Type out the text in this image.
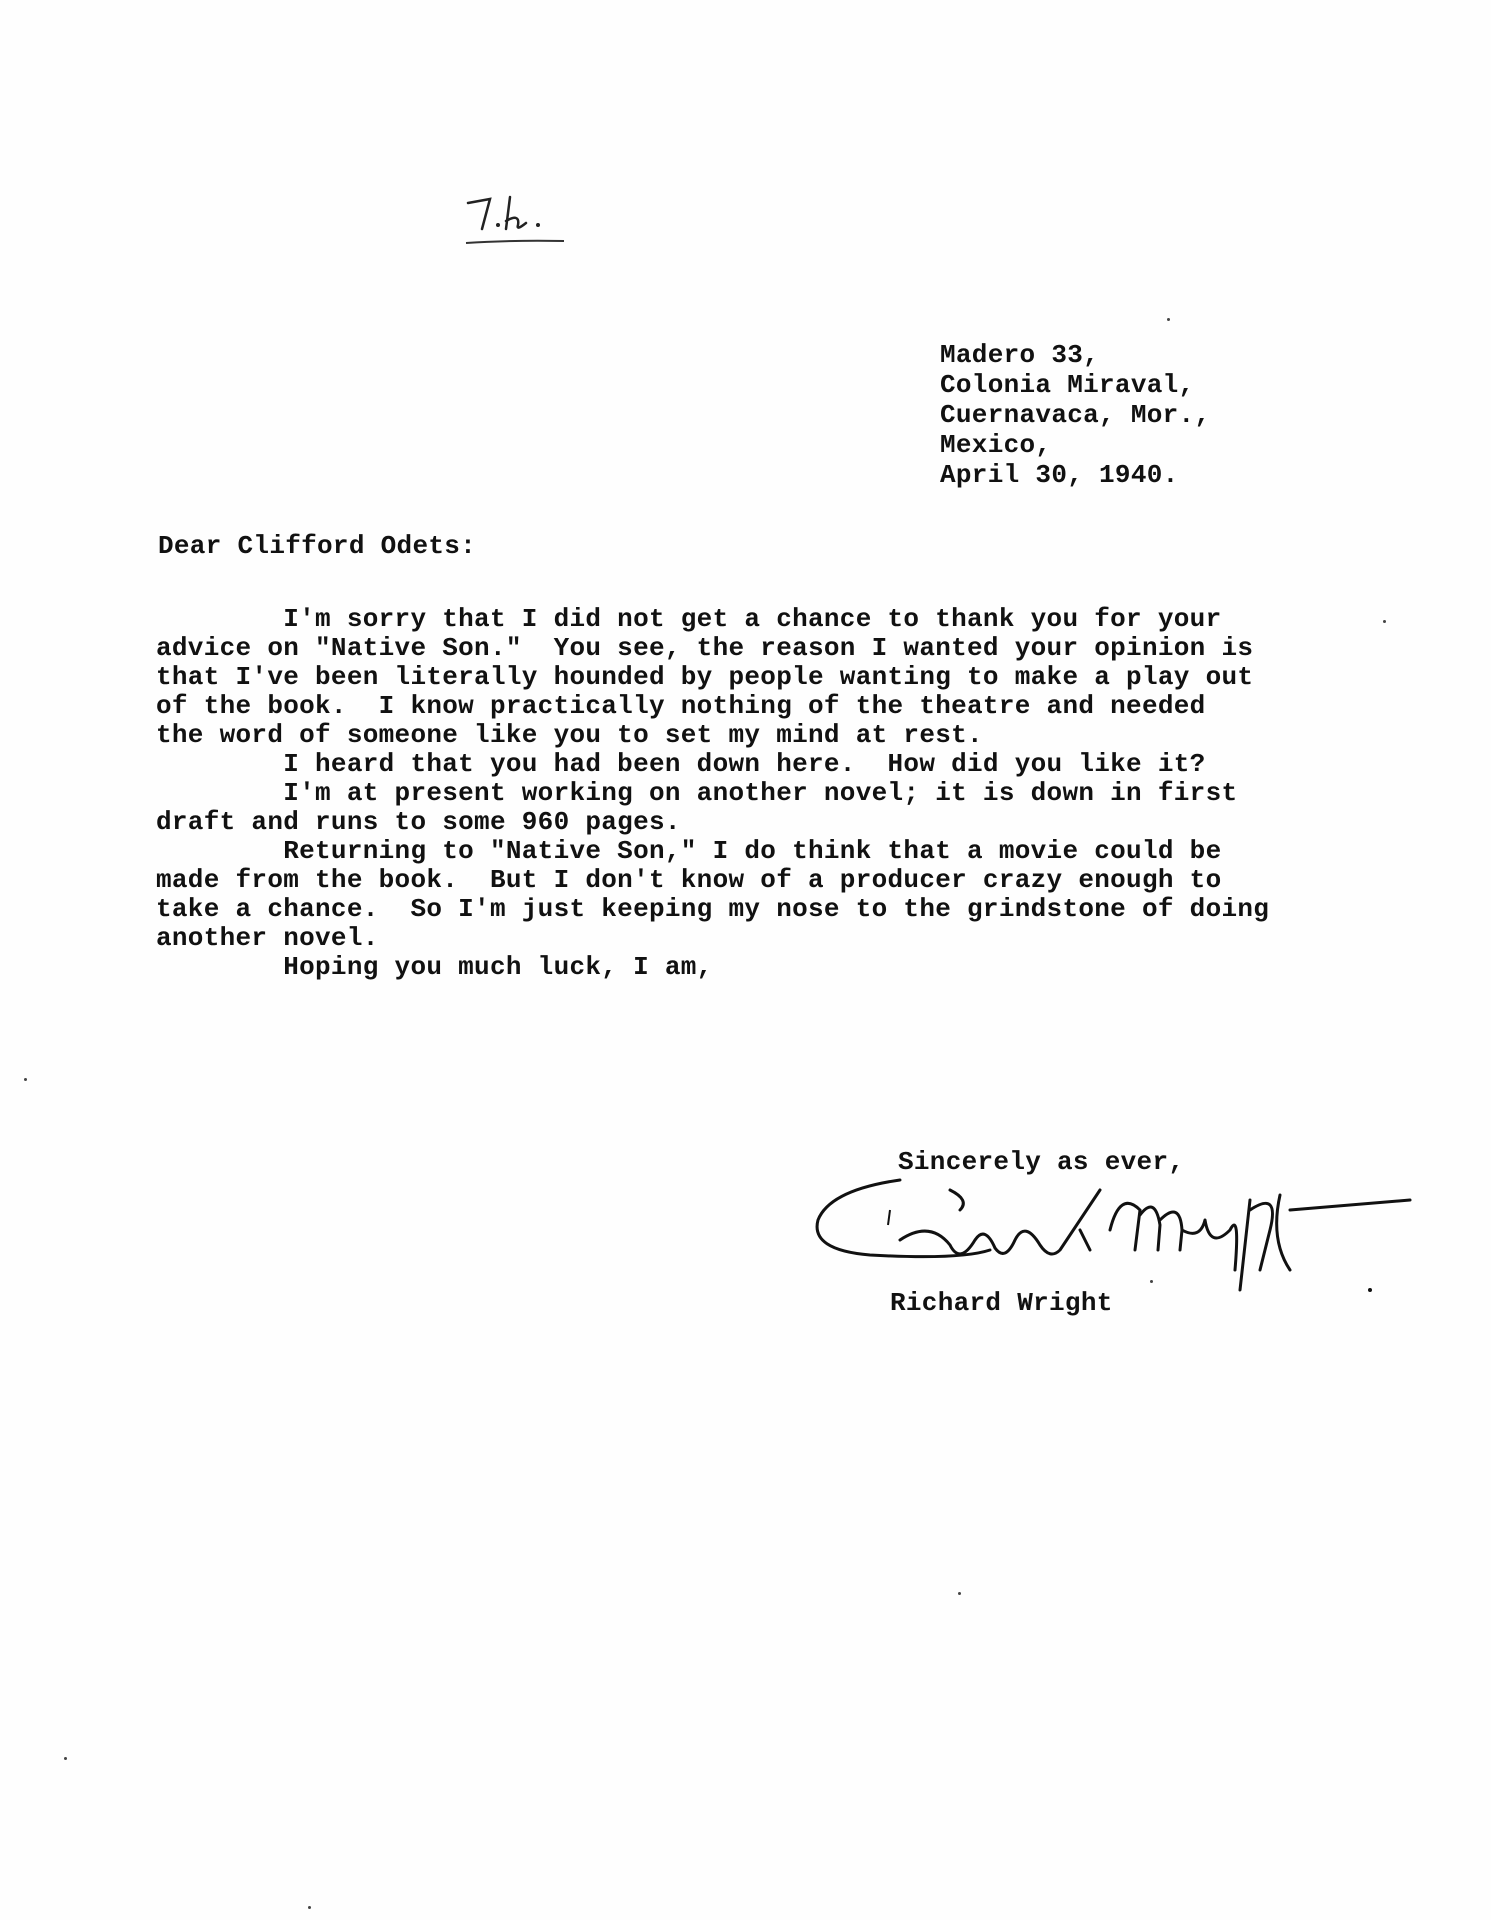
Madero 33,
Colonia Miraval,
Cuernavaca, Mor.,
Mexico,
April 30, 1940.
Dear Clifford Odets:
I'm sorry that I did not get a chance to thank you for your
advice on "Native Son."  You see, the reason I wanted your opinion is
that I've been literally hounded by people wanting to make a play out
of the book.  I know practically nothing of the theatre and needed
the word of someone like you to set my mind at rest.
I heard that you had been down here.  How did you like it?
I'm at present working on another novel; it is down in first
draft and runs to some 960 pages.
Returning to "Native Son," I do think that a movie could be
made from the book.  But I don't know of a producer crazy enough to
take a chance.  So I'm just keeping my nose to the grindstone of doing
another novel.
Hoping you much luck, I am,
Sincerely as ever,
Richard Wright
